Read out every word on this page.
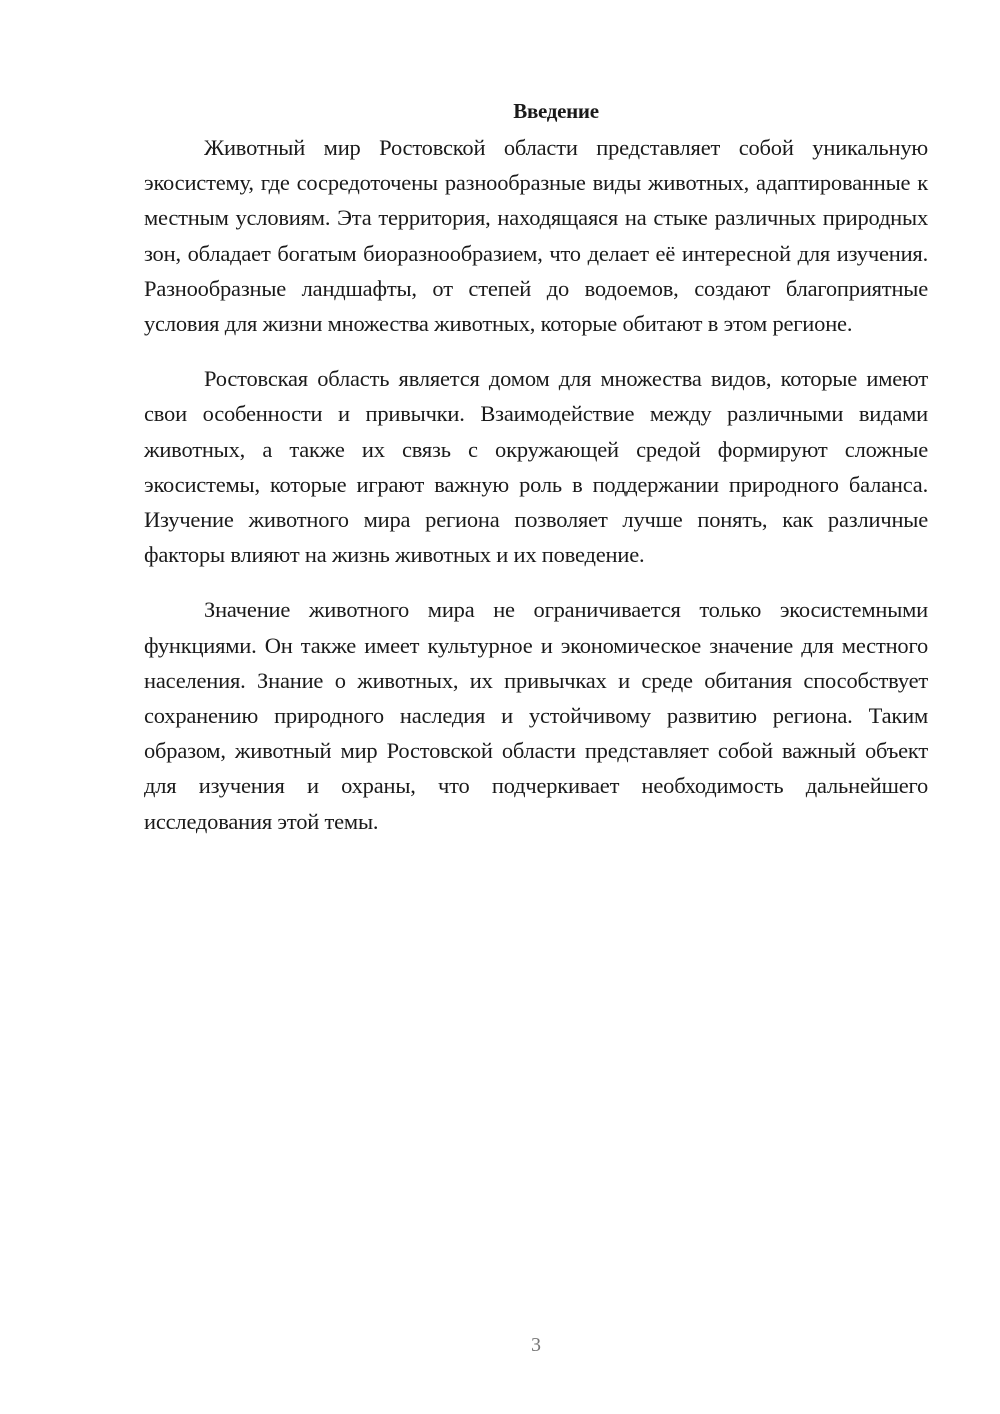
Введение

Животный мир Ростовской области представляет собой уникальную экосистему, где сосредоточены разнообразные виды животных, адаптированные к местным условиям. Эта территория, находящаяся на стыке различных природных зон, обладает богатым биоразнообразием, что делает её интересной для изучения. Разнообразные ландшафты, от степей до водоемов, создают благоприятные условия для жизни множества животных, которые обитают в этом регионе.

Ростовская область является домом для множества видов, которые имеют свои особенности и привычки. Взаимодействие между различными видами животных, а также их связь с окружающей средой формируют сложные экосистемы, которые играют важную роль в поддержании природного баланса. Изучение животного мира региона позволяет лучше понять, как различные факторы влияют на жизнь животных и их поведение.

Значение животного мира не ограничивается только экосистемными функциями. Он также имеет культурное и экономическое значение для местного населения. Знание о животных, их привычках и среде обитания способствует сохранению природного наследия и устойчивому развитию региона. Таким образом, животный мир Ростовской области представляет собой важный объект для изучения и охраны, что подчеркивает необходимость дальнейшего исследования этой темы.

3
